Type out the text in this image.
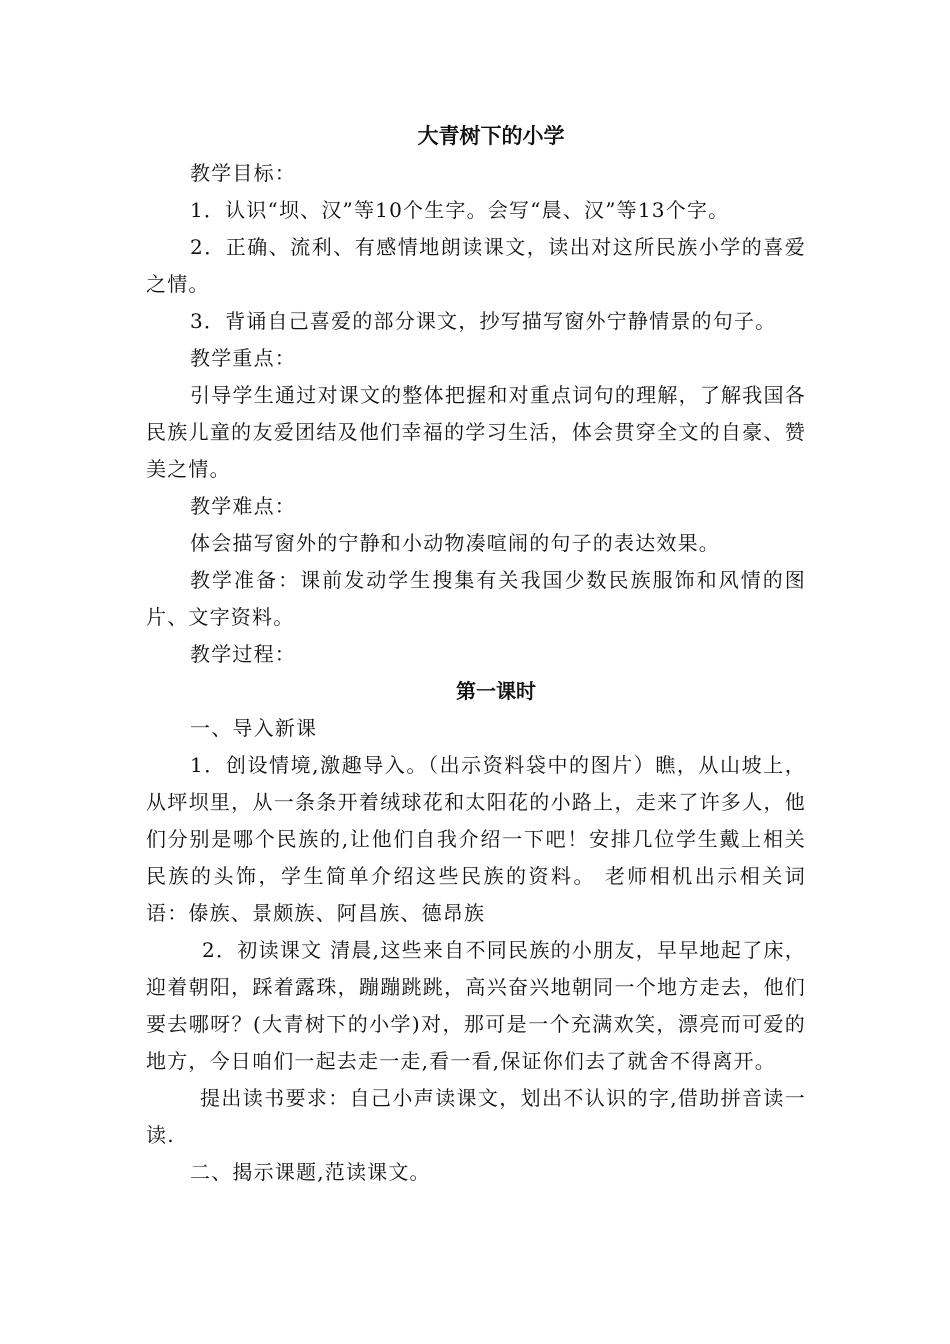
大青树下的小学

教学目标：

1．认识“坝、汉”等10个生字。会写“晨、汉”等13个字。

2．正确、流利、有感情地朗读课文，读出对这所民族小学的喜爱之情。

3．背诵自己喜爱的部分课文，抄写描写窗外宁静情景的句子。

教学重点：

引导学生通过对课文的整体把握和对重点词句的理解，了解我国各民族儿童的友爱团结及他们幸福的学习生活，体会贯穿全文的自豪、赞美之情。

教学难点：

体会描写窗外的宁静和小动物凑喧闹的句子的表达效果。

教学准备：课前发动学生搜集有关我国少数民族服饰和风情的图片、文字资料。

教学过程：

第一课时

一、导入新课

1．创设情境,激趣导入。（出示资料袋中的图片）瞧，从山坡上，从坪坝里，从一条条开着绒球花和太阳花的小路上，走来了许多人，他们分别是哪个民族的,让他们自我介绍一下吧！安排几位学生戴上相关民族的头饰，学生简单介绍这些民族的资料。 老师相机出示相关词语：傣族、景颇族、阿昌族、德昂族

2．初读课文 清晨,这些来自不同民族的小朋友，早早地起了床，迎着朝阳，踩着露珠，蹦蹦跳跳，高兴奋兴地朝同一个地方走去，他们要去哪呀？(大青树下的小学)对，那可是一个充满欢笑，漂亮而可爱的地方，今日咱们一起去走一走,看一看,保证你们去了就舍不得离开。

提出读书要求：自己小声读课文，划出不认识的字,借助拼音读一读.

二、揭示课题,范读课文。
